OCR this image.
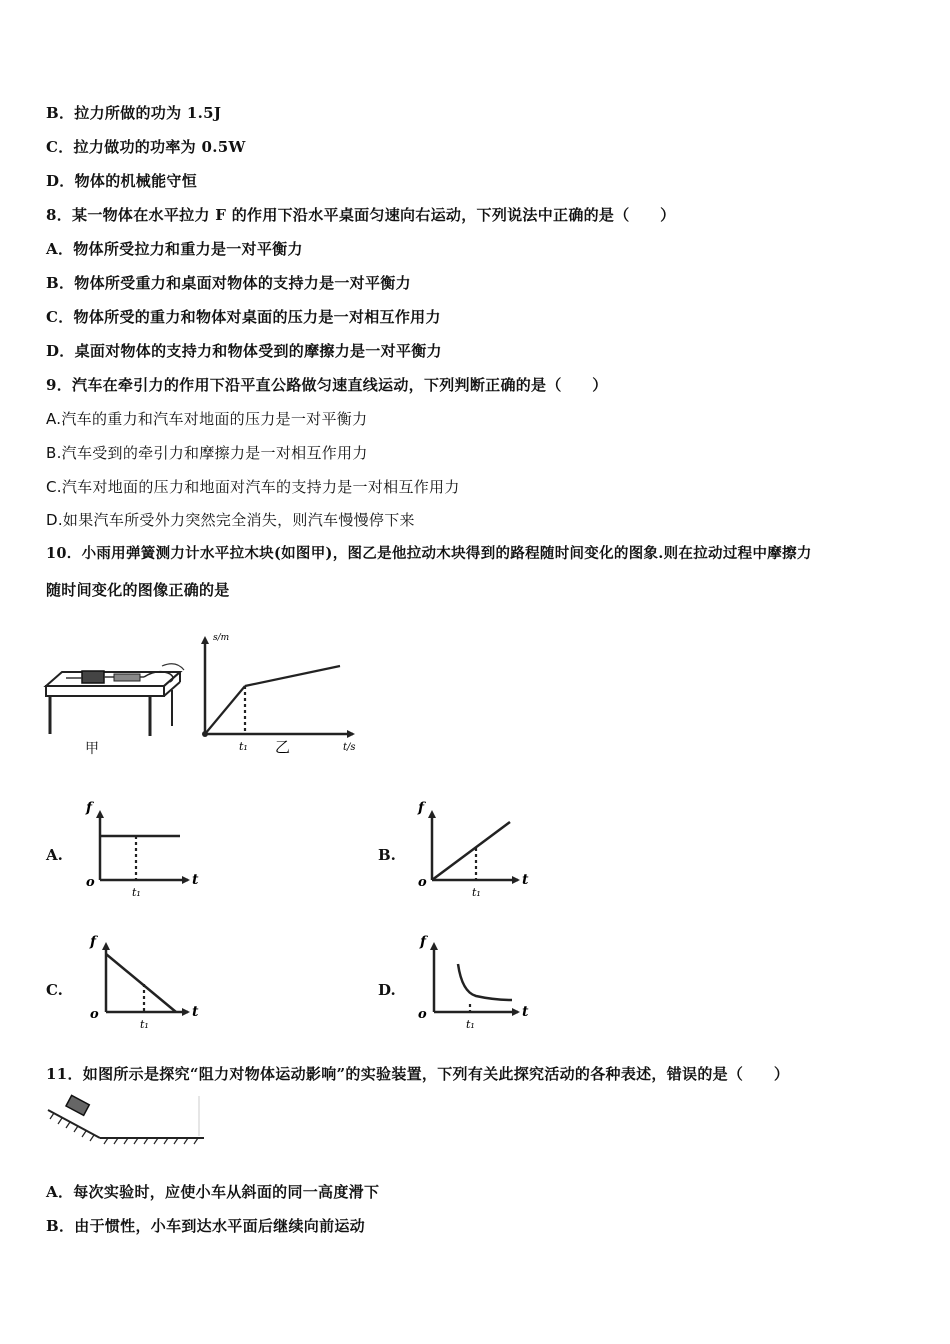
B．拉力所做的功为 1.5J
C．拉力做功的功率为 0.5W
D．物体的机械能守恒
8．某一物体在水平拉力 F 的作用下沿水平桌面匀速向右运动，下列说法中正确的是（　　）
A．物体所受拉力和重力是一对平衡力
B．物体所受重力和桌面对物体的支持力是一对平衡力
C．物体所受的重力和物体对桌面的压力是一对相互作用力
D．桌面对物体的支持力和物体受到的摩擦力是一对平衡力
9．汽车在牵引力的作用下沿平直公路做匀速直线运动，下列判断正确的是（　　）
A.汽车的重力和汽车对地面的压力是一对平衡力
B.汽车受到的牵引力和摩擦力是一对相互作用力
C.汽车对地面的压力和地面对汽车的支持力是一对相互作用力
D.如果汽车所受外力突然完全消失，则汽车慢慢停下来
10．小雨用弹簧测力计水平拉木块(如图甲)，图乙是他拉动木块得到的路程随时间变化的图象.则在拉动过程中摩擦力
随时间变化的图像正确的是
甲
s/m
t/s
t₁ 乙
A.
f
t
o
t₁
B.
f
t
o
t₁
C.
f
t
o
t₁
D.
f
t
o
t₁
11．如图所示是探究“阻力对物体运动影响”的实验装置，下列有关此探究活动的各种表述，错误的是（　　）
A．每次实验时，应使小车从斜面的同一高度滑下
B．由于惯性，小车到达水平面后继续向前运动
